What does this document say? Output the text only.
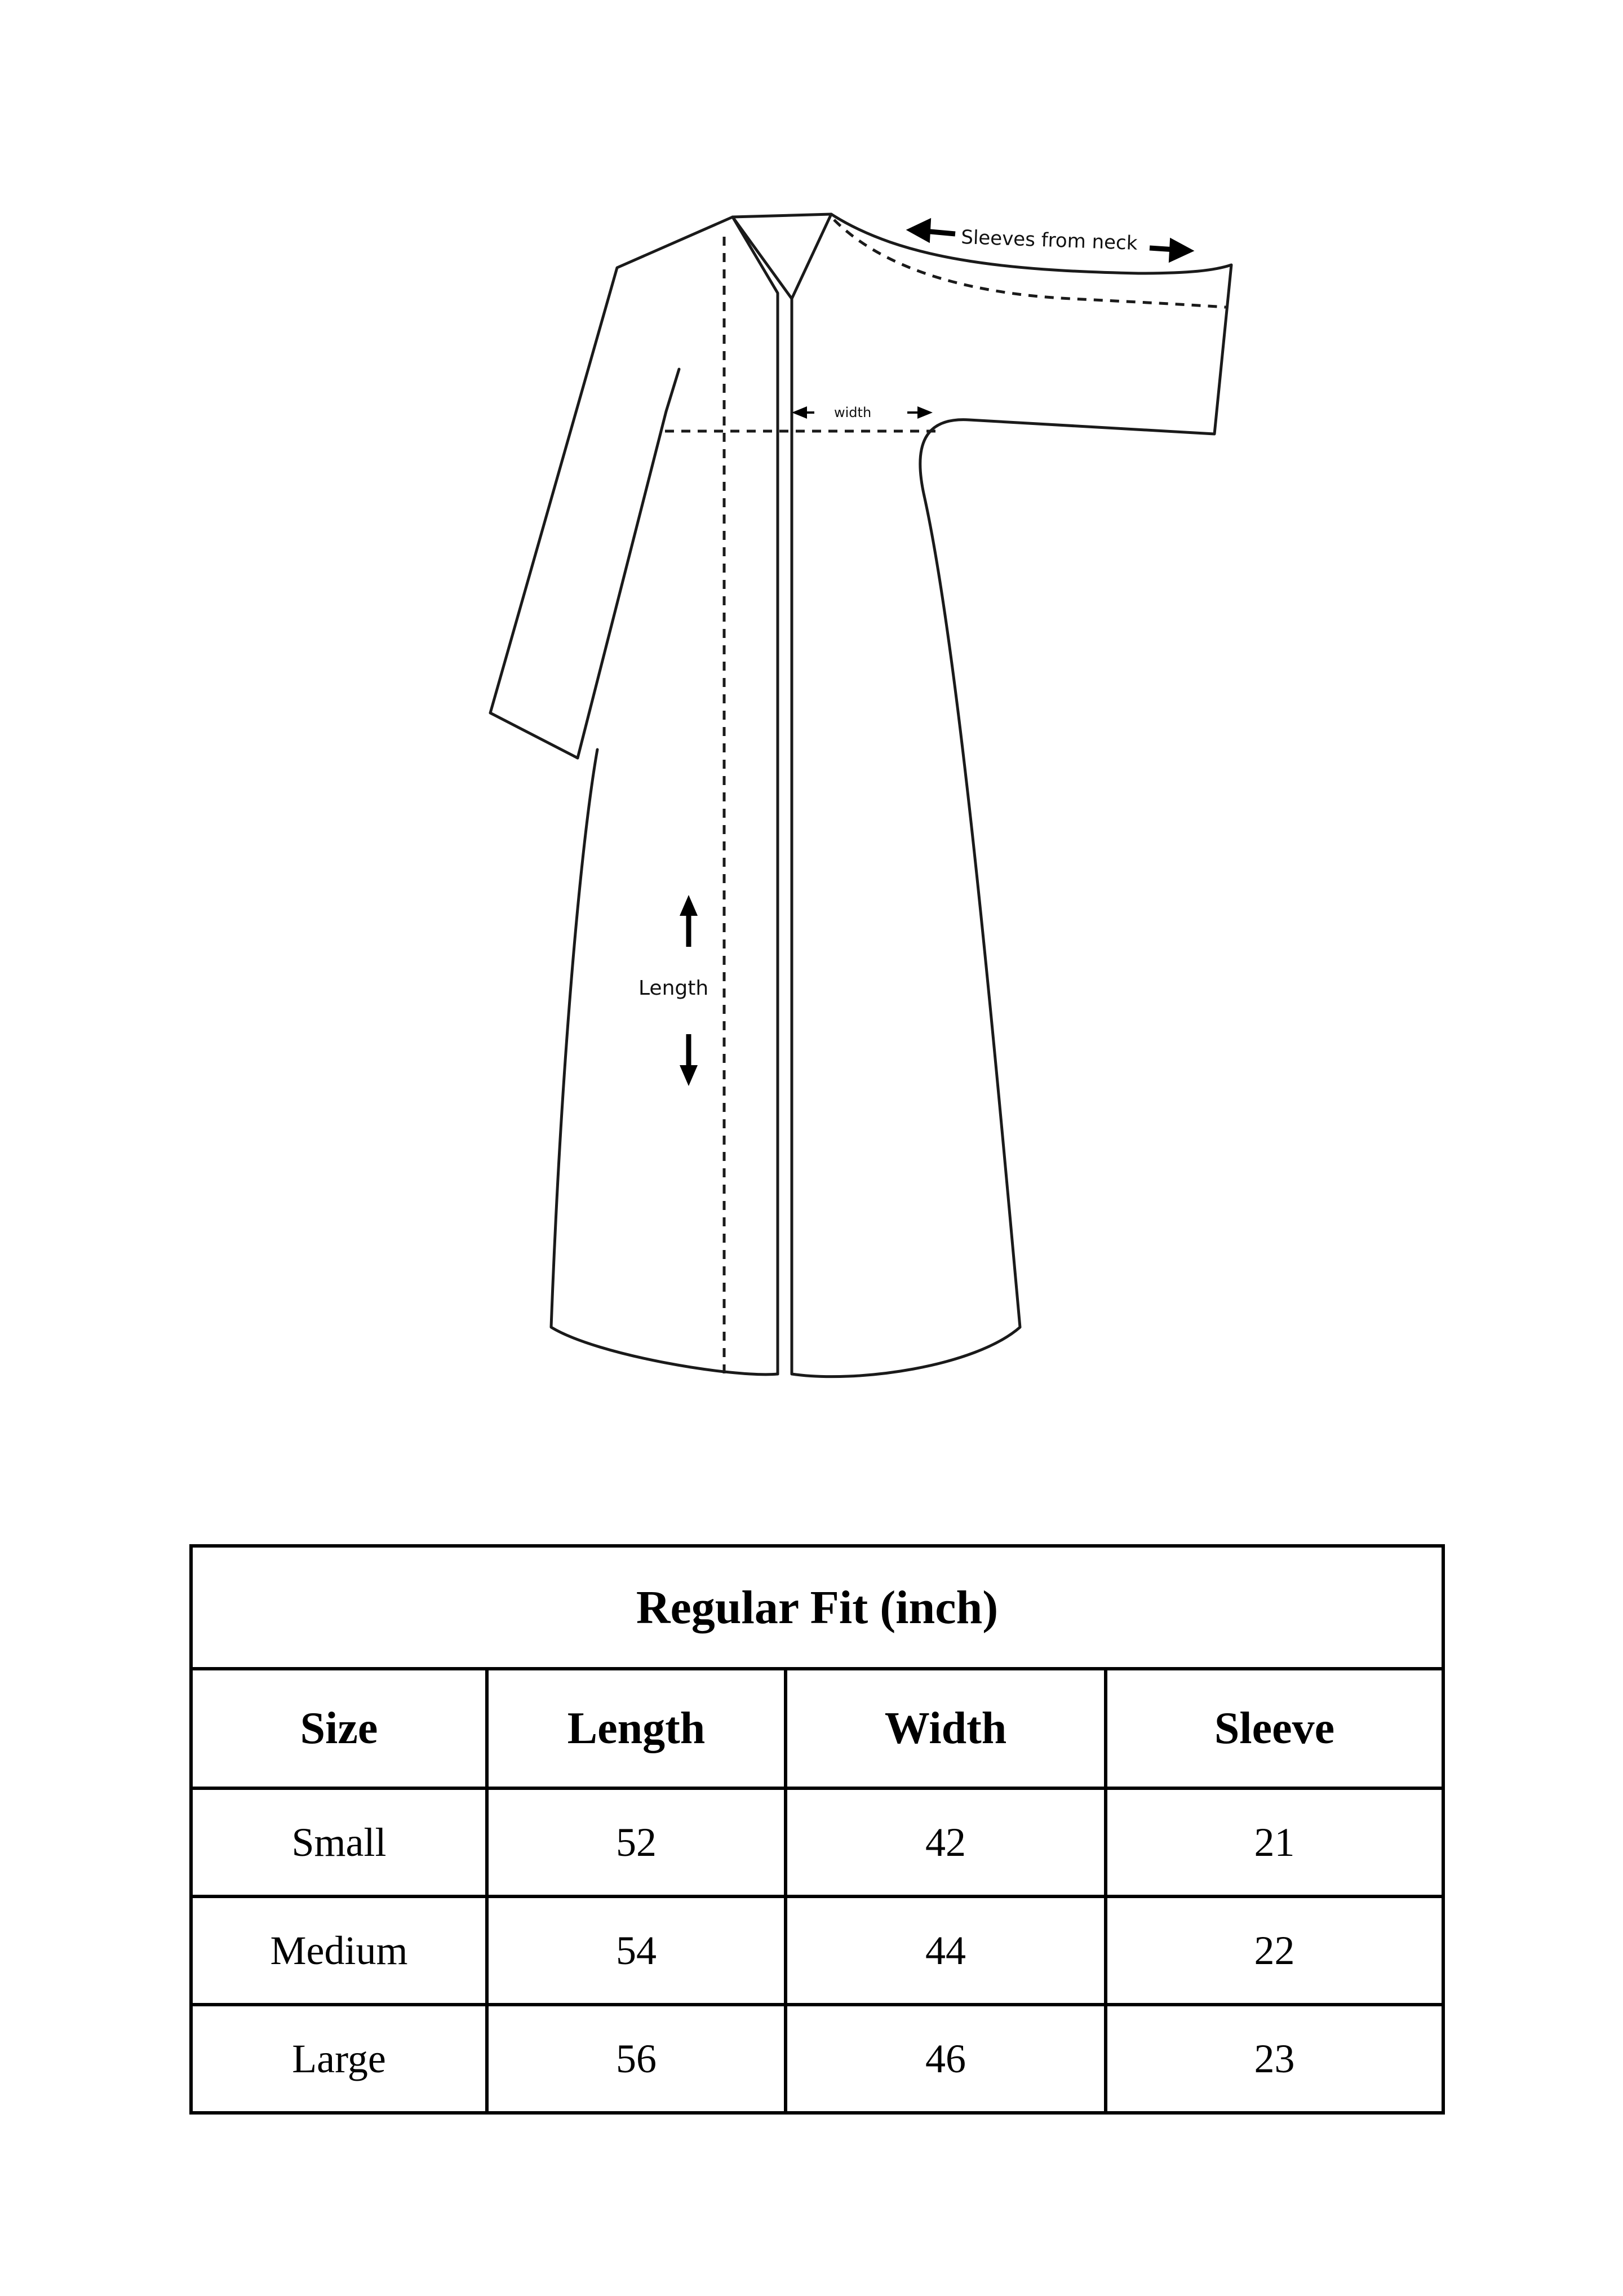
Sleeves from neck
width
Length
Regular Fit (inch)			
Size	Length	Width	Sleeve
Small	52	42	21
Medium	54	44	22
Large	56	46	23
